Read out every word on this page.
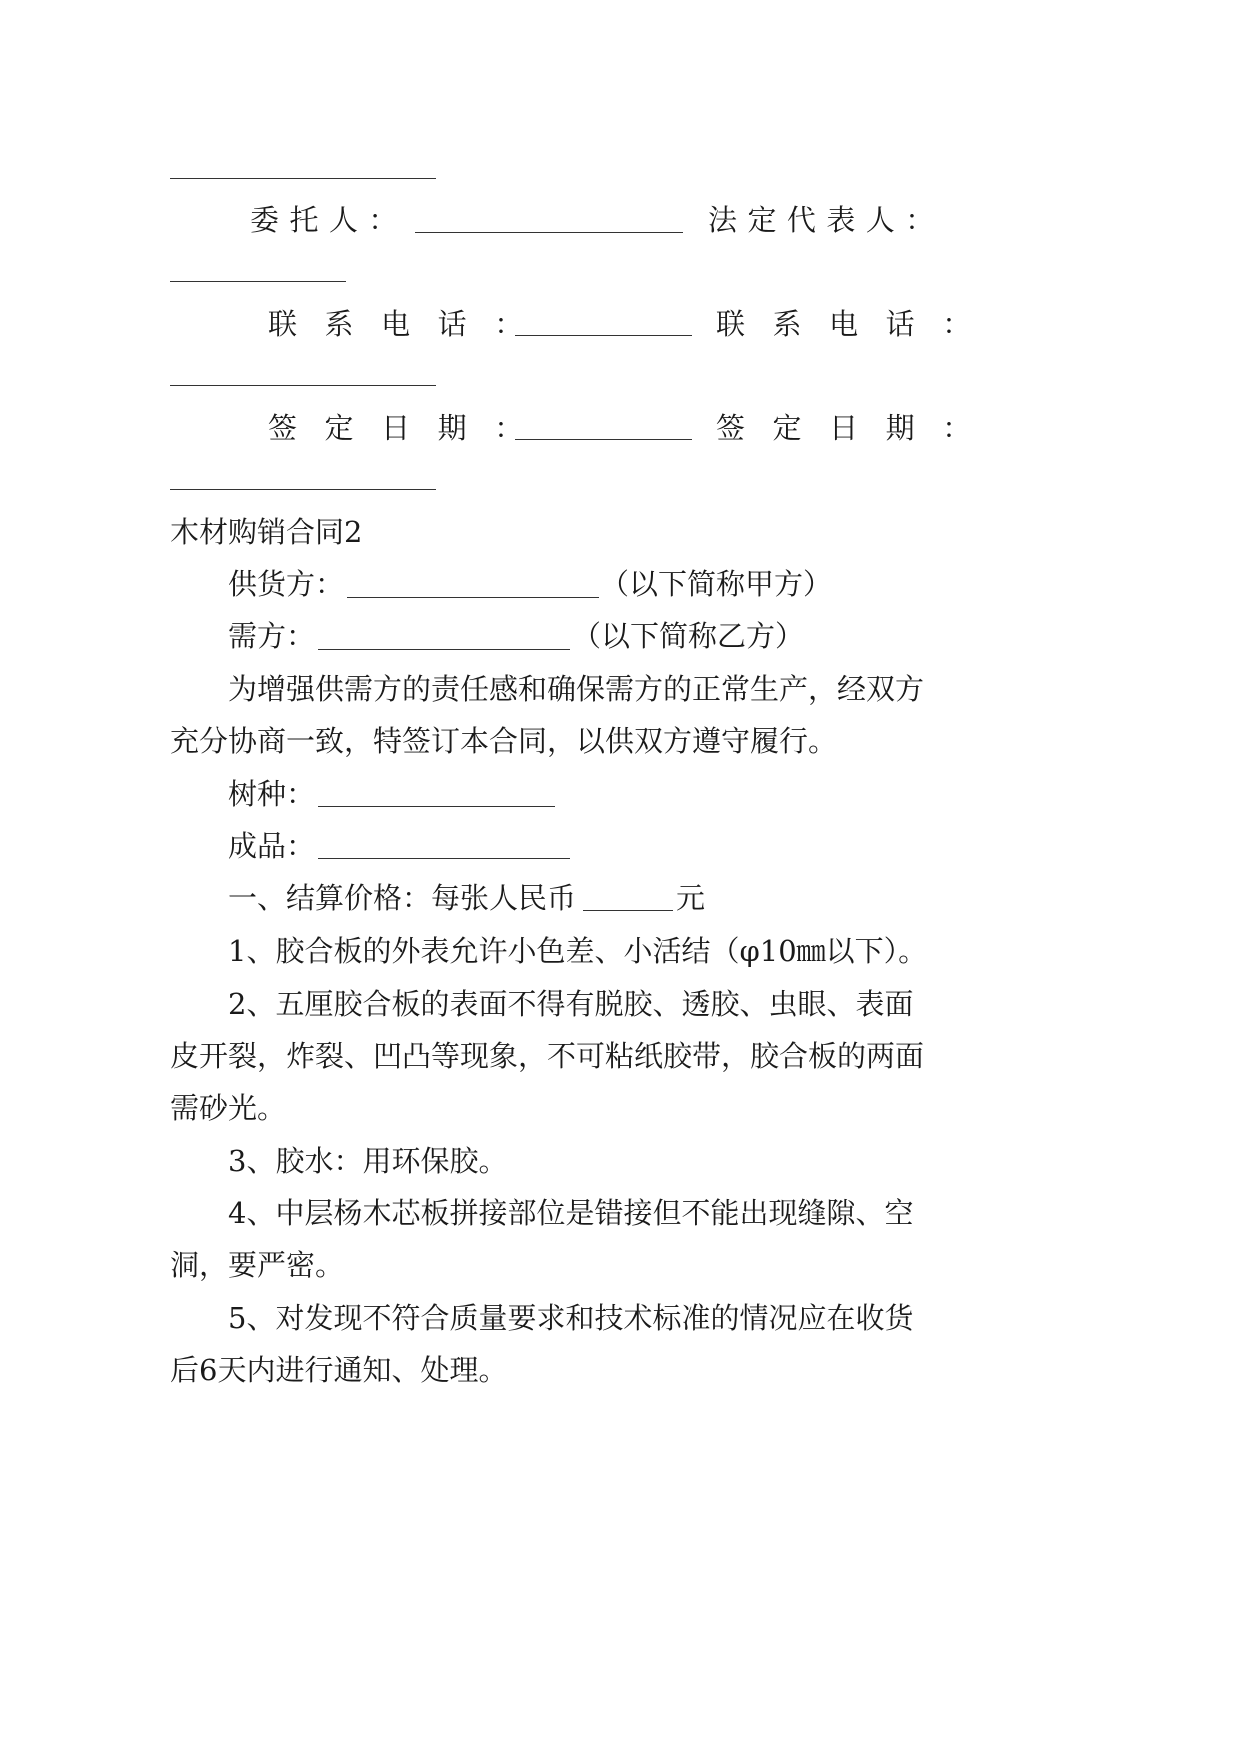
委托人：	法定代表人：
联系电话：	联系电话：
签定日期：	签定日期：
木材购销合同2
供货方：	（以下简称甲方）
需方：	（以下简称乙方）
为增强供需方的责任感和确保需方的正常生产，经双方
充分协商一致，特签订本合同，以供双方遵守履行。
树种：
成品：
一、结算价格：每张人民币	元
1、胶合板的外表允许小色差、小活结（φ10㎜以下）。
2、五厘胶合板的表面不得有脱胶、透胶、虫眼、表面
皮开裂，炸裂、凹凸等现象，不可粘纸胶带，胶合板的两面
需砂光。
3、胶水：用环保胶。
4、中层杨木芯板拼接部位是错接但不能出现缝隙、空
洞，要严密。
5、对发现不符合质量要求和技术标准的情况应在收货
后6天内进行通知、处理。
